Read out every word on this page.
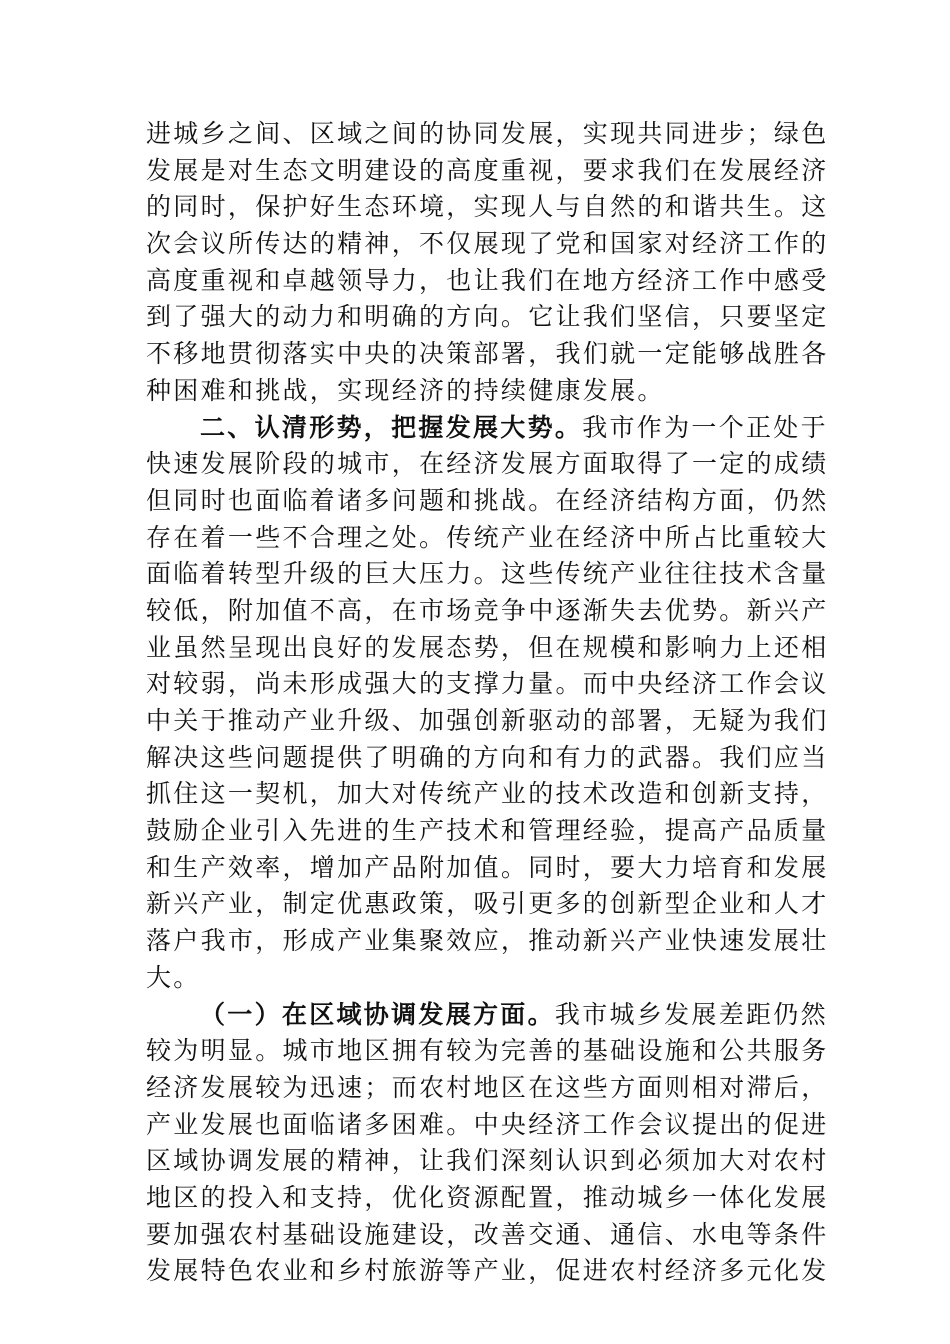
进城乡之间、区域之间的协同发展，实现共同进步；绿色
发展是对生态文明建设的高度重视，要求我们在发展经济
的同时，保护好生态环境，实现人与自然的和谐共生。这
次会议所传达的精神，不仅展现了党和国家对经济工作的
高度重视和卓越领导力，也让我们在地方经济工作中感受
到了强大的动力和明确的方向。它让我们坚信，只要坚定
不移地贯彻落实中央的决策部署，我们就一定能够战胜各
种困难和挑战，实现经济的持续健康发展。
二、认清形势，把握发展大势。我市作为一个正处于
快速发展阶段的城市，在经济发展方面取得了一定的成绩
但同时也面临着诸多问题和挑战。在经济结构方面，仍然
存在着一些不合理之处。传统产业在经济中所占比重较大
面临着转型升级的巨大压力。这些传统产业往往技术含量
较低，附加值不高，在市场竞争中逐渐失去优势。新兴产
业虽然呈现出良好的发展态势，但在规模和影响力上还相
对较弱，尚未形成强大的支撑力量。而中央经济工作会议
中关于推动产业升级、加强创新驱动的部署，无疑为我们
解决这些问题提供了明确的方向和有力的武器。我们应当
抓住这一契机，加大对传统产业的技术改造和创新支持，
鼓励企业引入先进的生产技术和管理经验，提高产品质量
和生产效率，增加产品附加值。同时，要大力培育和发展
新兴产业，制定优惠政策，吸引更多的创新型企业和人才
落户我市，形成产业集聚效应，推动新兴产业快速发展壮
大。
（一）在区域协调发展方面。我市城乡发展差距仍然
较为明显。城市地区拥有较为完善的基础设施和公共服务
经济发展较为迅速；而农村地区在这些方面则相对滞后，
产业发展也面临诸多困难。中央经济工作会议提出的促进
区域协调发展的精神，让我们深刻认识到必须加大对农村
地区的投入和支持，优化资源配置，推动城乡一体化发展
要加强农村基础设施建设，改善交通、通信、水电等条件
发展特色农业和乡村旅游等产业，促进农村经济多元化发
